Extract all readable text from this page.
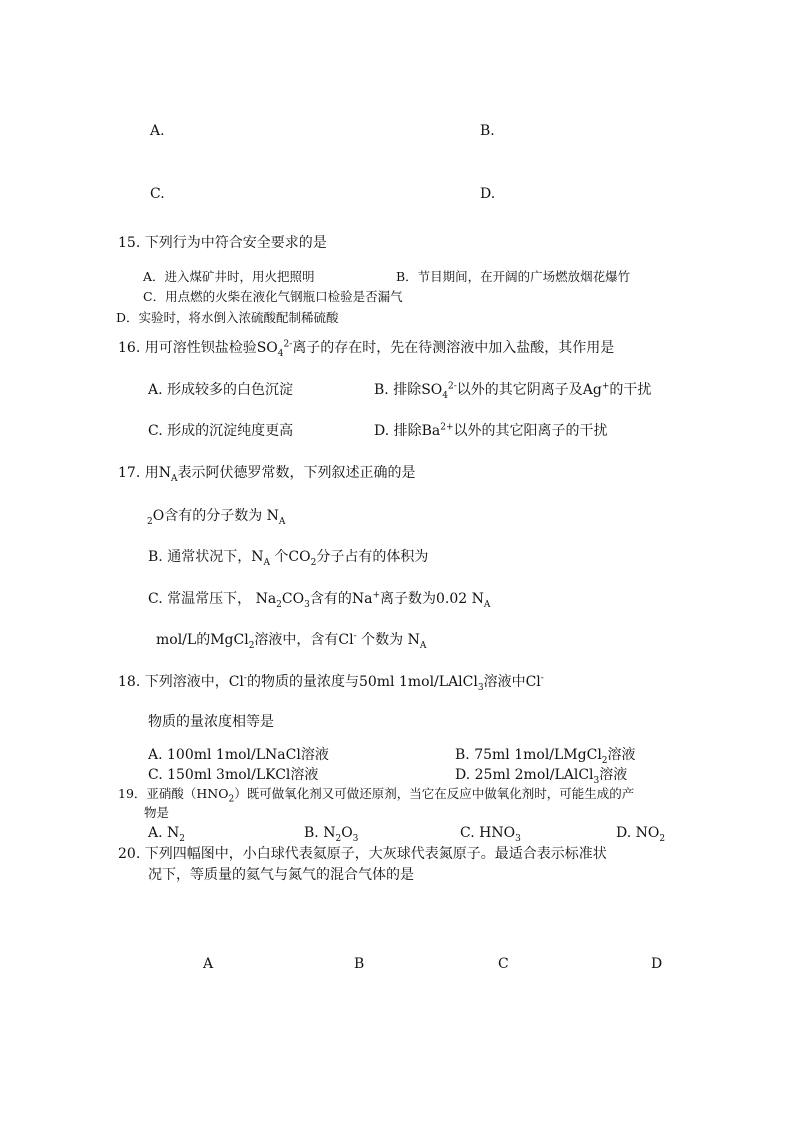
A.	B.
C.	D.
15. 下列行为中符合安全要求的是
A．进入煤矿井时，用火把照明	B．节目期间，在开阔的广场燃放烟花爆竹
C．用点燃的火柴在液化气钢瓶口检验是否漏气
D．实验时，将水倒入浓硫酸配制稀硫酸
16. 用可溶性钡盐检验$SO_4^{2-}$离子的存在时，先在待测溶液中加入盐酸，其作用是
A. 形成较多的白色沉淀	B. 排除$SO_4^{2-}$以外的其它阴离子及Ag+的干扰
C. 形成的沉淀纯度更高	D. 排除$Ba^{2+}$以外的其它阳离子的干扰
17. 用$N_A$表示阿伏德罗常数，下列叙述正确的是
$_2$O含有的分子数为 $N_A$
B. 通常状况下，$N_A$ 个$CO_2$分子占有的体积为
C. 常温常压下， $Na_2CO_3$含有的Na+离子数为0.02 $N_A$
mol/L的MgCl$_2$溶液中，含有Cl- 个数为 $N_A$
18. 下列溶液中，Cl-的物质的量浓度与50ml 1mol/LAlCl$_3$溶液中Cl-
物质的量浓度相等是
A. 100ml 1mol/LNaCl溶液	B. 75ml 1mol/LMgCl$_2$溶液
C. 150ml 3mol/LKCl溶液	D. 25ml 2mol/LAlCl$_3$溶液
19．亚硝酸$(HNO_2)$既可做氧化剂又可做还原剂，当它在反应中做氧化剂时，可能生成的产
物是
A. $N_2$	B. $N_2O_3$	C. $HNO_3$	D. $NO_2$
20. 下列四幅图中，小白球代表氦原子，大灰球代表氮原子。最适合表示标准状
况下，等质量的氦气与氮气的混合气体的是
A	B	C	D
